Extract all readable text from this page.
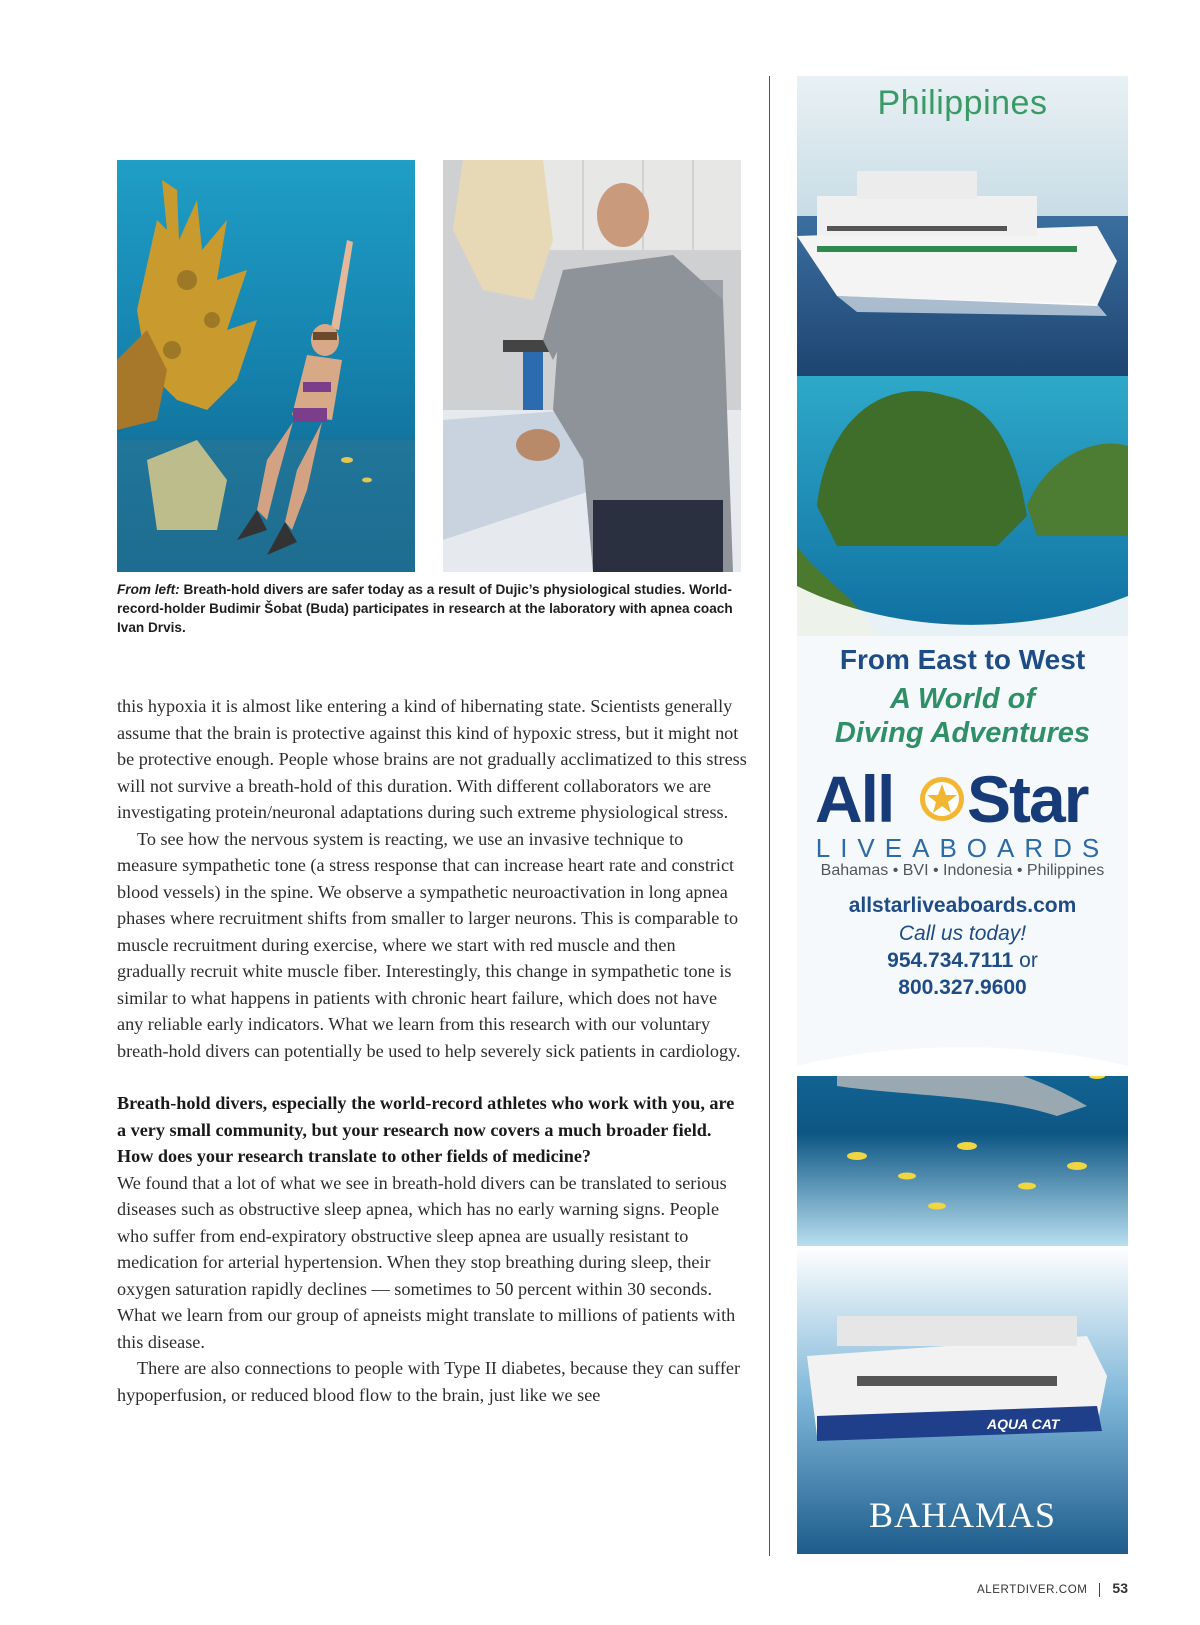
From left: Breath-hold divers are safer today as a result of Dujic’s physiological studies. World-record-holder Budimir Šobat (Buda) participates in research at the laboratory with apnea coach Ivan Drvis.

this hypoxia it is almost like entering a kind of hibernating state. Scientists generally assume that the brain is protective against this kind of hypoxic stress, but it might not be protective enough. People whose brains are not gradually acclimatized to this stress will not survive a breath-hold of this duration. With different collaborators we are investigating protein/neuronal adaptations during such extreme physiological stress.

To see how the nervous system is reacting, we use an invasive technique to measure sympathetic tone (a stress response that can increase heart rate and constrict blood vessels) in the spine. We observe a sympathetic neuroactivation in long apnea phases where recruitment shifts from smaller to larger neurons. This is comparable to muscle recruitment during exercise, where we start with red muscle and then gradually recruit white muscle fiber. Interestingly, this change in sympathetic tone is similar to what happens in patients with chronic heart failure, which does not have any reliable early indicators. What we learn from this research with our voluntary breath-hold divers can potentially be used to help severely sick patients in cardiology.

Breath-hold divers, especially the world-record athletes who work with you, are a very small community, but your research now covers a much broader field. How does your research translate to other fields of medicine?

We found that a lot of what we see in breath-hold divers can be translated to serious diseases such as obstructive sleep apnea, which has no early warning signs. People who suffer from end-expiratory obstructive sleep apnea are usually resistant to medication for arterial hypertension. When they stop breathing during sleep, their oxygen saturation rapidly declines — sometimes to 50 percent within 30 seconds. What we learn from our group of apneists might translate to millions of patients with this disease.

There are also connections to people with Type II diabetes, because they can suffer hypoperfusion, or reduced blood flow to the brain, just like we see

AQUA CAT
Philippines
From East to West
A World of
Diving Adventures
All Star
LIVEABOARDS
Bahamas • BVI • Indonesia • Philippines
allstarliveaboards.com
Call us today!
954.734.7111 or
800.327.9600
BAHAMAS
ALERTDIVER.COM 53
